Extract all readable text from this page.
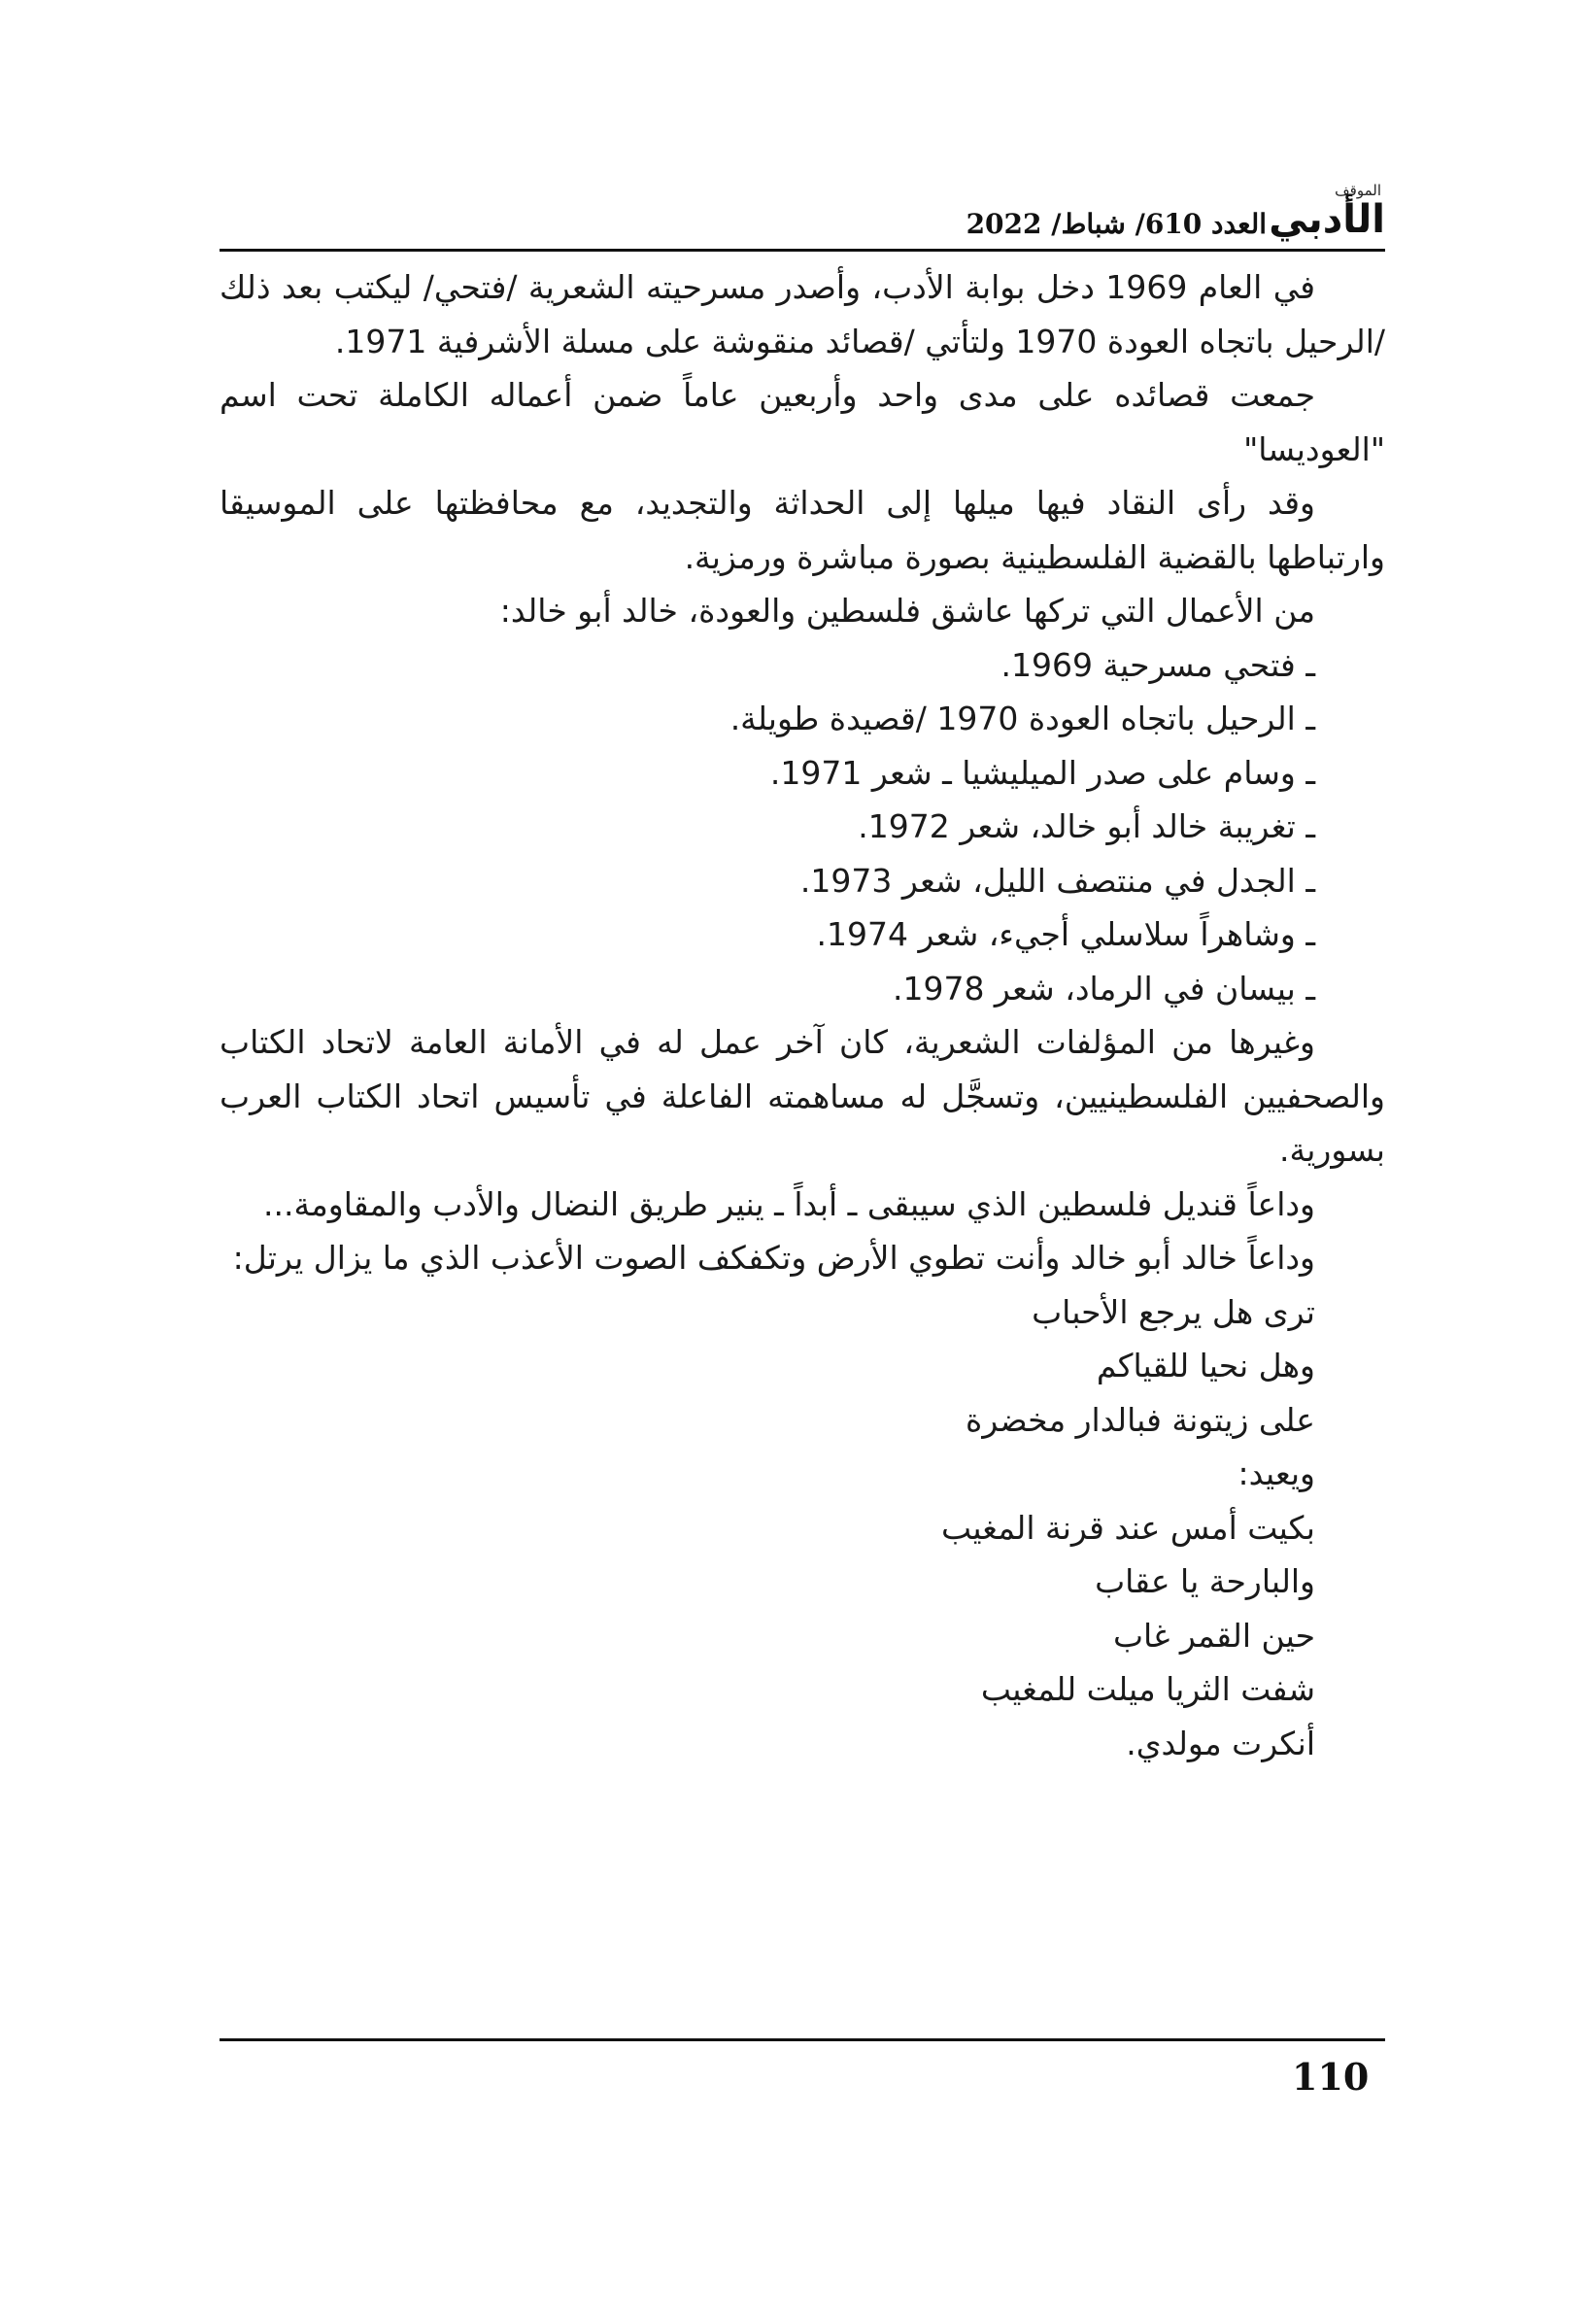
الموقف
الأدبي
العدد 610/ شباط/ 2022

في العام 1969 دخل بوابة الأدب، وأصدر مسرحيته الشعرية /فتحي/ ليكتب بعد ذلك /الرحيل باتجاه العودة 1970 ولتأتي /قصائد منقوشة على مسلة الأشرفية 1971.

جمعت قصائده على مدى واحد وأربعين عاماً ضمن أعماله الكاملة تحت اسم "العوديسا"

وقد رأى النقاد فيها ميلها إلى الحداثة والتجديد، مع محافظتها على الموسيقا وارتباطها بالقضية الفلسطينية بصورة مباشرة ورمزية.

من الأعمال التي تركها عاشق فلسطين والعودة، خالد أبو خالد:

ـ فتحي مسرحية 1969.

ـ الرحيل باتجاه العودة 1970 /قصيدة طويلة.

ـ وسام على صدر الميليشيا ـ شعر 1971.

ـ تغريبة خالد أبو خالد، شعر 1972.

ـ الجدل في منتصف الليل، شعر 1973.

ـ وشاهراً سلاسلي أجيء، شعر 1974.

ـ بيسان في الرماد، شعر 1978.

وغيرها من المؤلفات الشعرية، كان آخر عمل له في الأمانة العامة لاتحاد الكتاب والصحفيين الفلسطينيين، وتسجَّل له مساهمته الفاعلة في تأسيس اتحاد الكتاب العرب بسورية.

وداعاً قنديل فلسطين الذي سيبقى ـ أبداً ـ ينير طريق النضال والأدب والمقاومة...

وداعاً خالد أبو خالد وأنت تطوي الأرض وتكفكف الصوت الأعذب الذي ما يزال يرتل:

ترى هل يرجع الأحباب

وهل نحيا للقياكم

على زيتونة فبالدار مخضرة

ويعيد:

بكيت أمس عند قرنة المغيب

والبارحة يا عقاب

حين القمر غاب

شفت الثريا ميلت للمغيب

أنكرت مولدي.

110
